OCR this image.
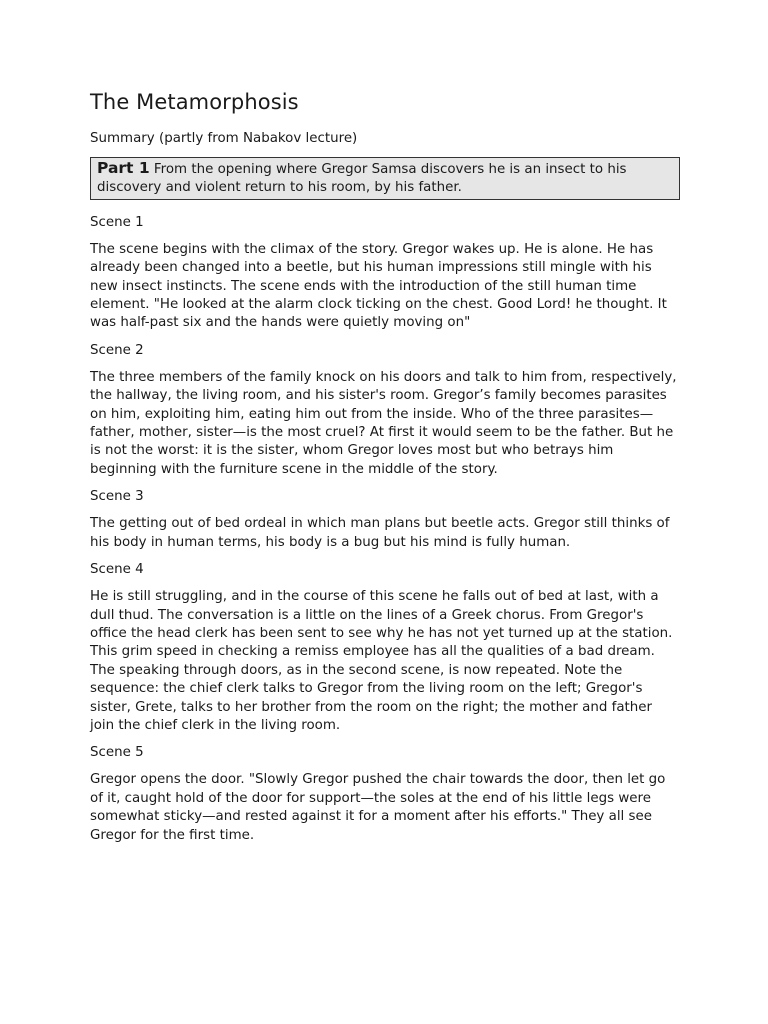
The Metamorphosis
Summary (partly from Nabakov lecture)
Part 1 From the opening where Gregor Samsa discovers he is an insect to his discovery and violent return to his room, by his father.
Scene 1
The scene begins with the climax of the story. Gregor wakes up. He is alone. He has already been changed into a beetle, but his human impressions still mingle with his new insect instincts. The scene ends with the introduction of the still human time element. "He looked at the alarm clock ticking on the chest. Good Lord! he thought. It was half-past six and the hands were quietly moving on"
Scene 2
The three members of the family knock on his doors and talk to him from, respectively, the hallway, the living room, and his sister's room. Gregor’s family becomes parasites on him, exploiting him, eating him out from the inside. Who of the three parasites—father, mother, sister—is the most cruel? At first it would seem to be the father. But he is not the worst: it is the sister, whom Gregor loves most but who betrays him beginning with the furniture scene in the middle of the story.
Scene 3
The getting out of bed ordeal in which man plans but beetle acts. Gregor still thinks of his body in human terms, his body is a bug but his mind is fully human.
Scene 4
He is still struggling, and in the course of this scene he falls out of bed at last, with a dull thud. The conversation is a little on the lines of a Greek chorus. From Gregor's office the head clerk has been sent to see why he has not yet turned up at the station. This grim speed in checking a remiss employee has all the qualities of a bad dream. The speaking through doors, as in the second scene, is now repeated. Note the sequence: the chief clerk talks to Gregor from the living room on the left; Gregor's sister, Grete, talks to her brother from the room on the right; the mother and father join the chief clerk in the living room.
Scene 5
Gregor opens the door. "Slowly Gregor pushed the chair towards the door, then let go of it, caught hold of the door for support—the soles at the end of his little legs were somewhat sticky—and rested against it for a moment after his efforts." They all see Gregor for the first time.
